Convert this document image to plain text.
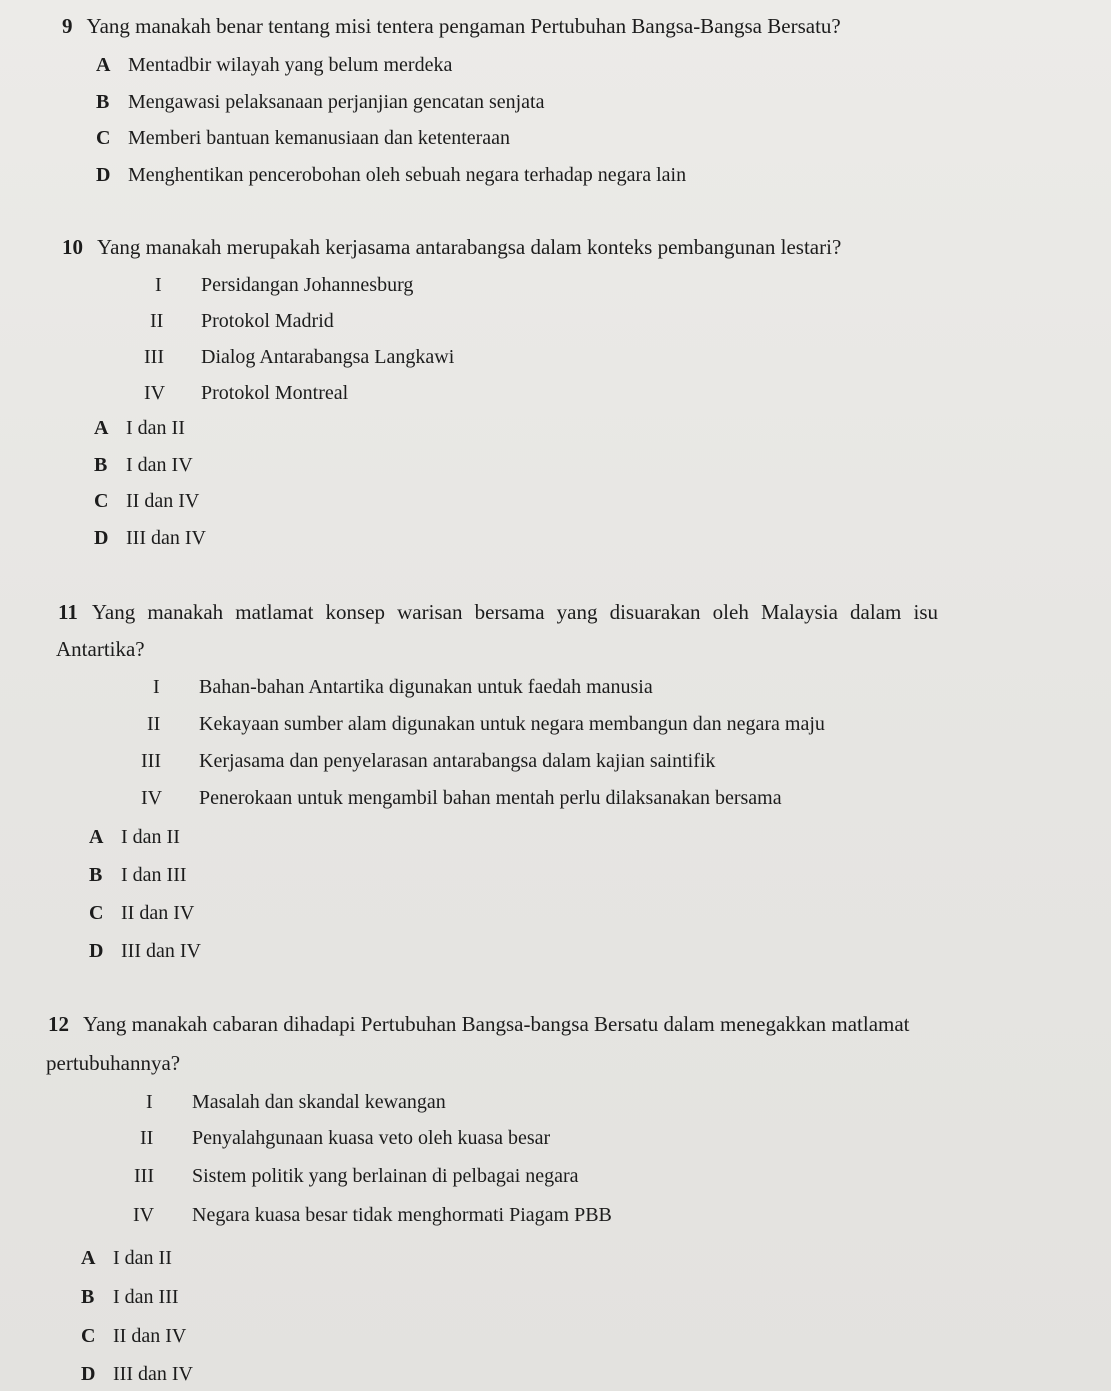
9 Yang manakah benar tentang misi tentera pengaman Pertubuhan Bangsa-Bangsa Bersatu?
A Mentadbir wilayah yang belum merdeka
B Mengawasi pelaksanaan perjanjian gencatan senjata
C Memberi bantuan kemanusiaan dan ketenteraan
D Menghentikan pencerobohan oleh sebuah negara terhadap negara lain
10 Yang manakah merupakah kerjasama antarabangsa dalam konteks pembangunan lestari?
I Persidangan Johannesburg
II Protokol Madrid
III Dialog Antarabangsa Langkawi
IV Protokol Montreal
A I dan II
B I dan IV
C II dan IV
D III dan IV
11 Yang manakah matlamat konsep warisan bersama yang disuarakan oleh Malaysia dalam isu
Antartika?
I Bahan-bahan Antartika digunakan untuk faedah manusia
II Kekayaan sumber alam digunakan untuk negara membangun dan negara maju
III Kerjasama dan penyelarasan antarabangsa dalam kajian saintifik
IV Penerokaan untuk mengambil bahan mentah perlu dilaksanakan bersama
A I dan II
B I dan III
C II dan IV
D III dan IV
12 Yang manakah cabaran dihadapi Pertubuhan Bangsa-bangsa Bersatu dalam menegakkan matlamat
pertubuhannya?
I Masalah dan skandal kewangan
II Penyalahgunaan kuasa veto oleh kuasa besar
III Sistem politik yang berlainan di pelbagai negara
IV Negara kuasa besar tidak menghormati Piagam PBB
A I dan II
B I dan III
C II dan IV
D III dan IV
